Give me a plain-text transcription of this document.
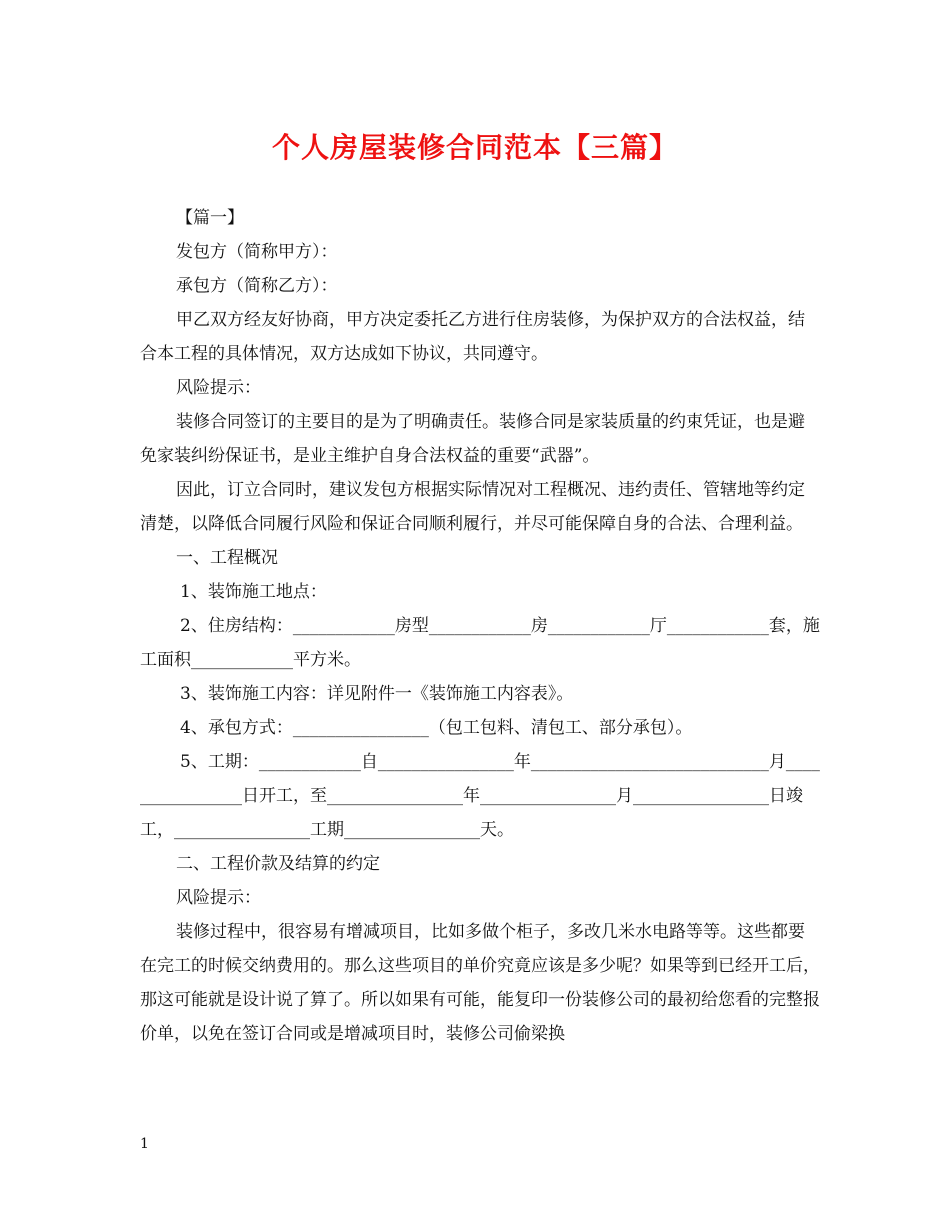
个人房屋装修合同范本【三篇】

【篇一】

发包方（简称甲方）：

承包方（简称乙方）：

甲乙双方经友好协商，甲方决定委托乙方进行住房装修，为保护双方的合法权益，结合本工程的具体情况，双方达成如下协议，共同遵守。

风险提示：

装修合同签订的主要目的是为了明确责任。装修合同是家装质量的约束凭证，也是避免家装纠纷保证书，是业主维护自身合法权益的重要“武器”。

因此，订立合同时，建议发包方根据实际情况对工程概况、违约责任、管辖地等约定清楚，以降低合同履行风险和保证合同顺利履行，并尽可能保障自身的合法、合理利益。

一、工程概况

1、装饰施工地点：

2、住房结构：____________房型____________房____________厅____________套，施工面积____________平方米。

3、装饰施工内容：详见附件一《装饰施工内容表》。

4、承包方式：________________（包工包料、清包工、部分承包）。

5、工期：____________自________________年____________________________月________________日开工，至________________年________________月________________日竣工，________________工期________________天。

二、工程价款及结算的约定

风险提示：

装修过程中，很容易有增减项目，比如多做个柜子，多改几米水电路等等。这些都要在完工的时候交纳费用的。那么这些项目的单价究竟应该是多少呢？如果等到已经开工后，那这可能就是设计说了算了。所以如果有可能，能复印一份装修公司的最初给您看的完整报价单，以免在签订合同或是增减项目时，装修公司偷梁换

1
